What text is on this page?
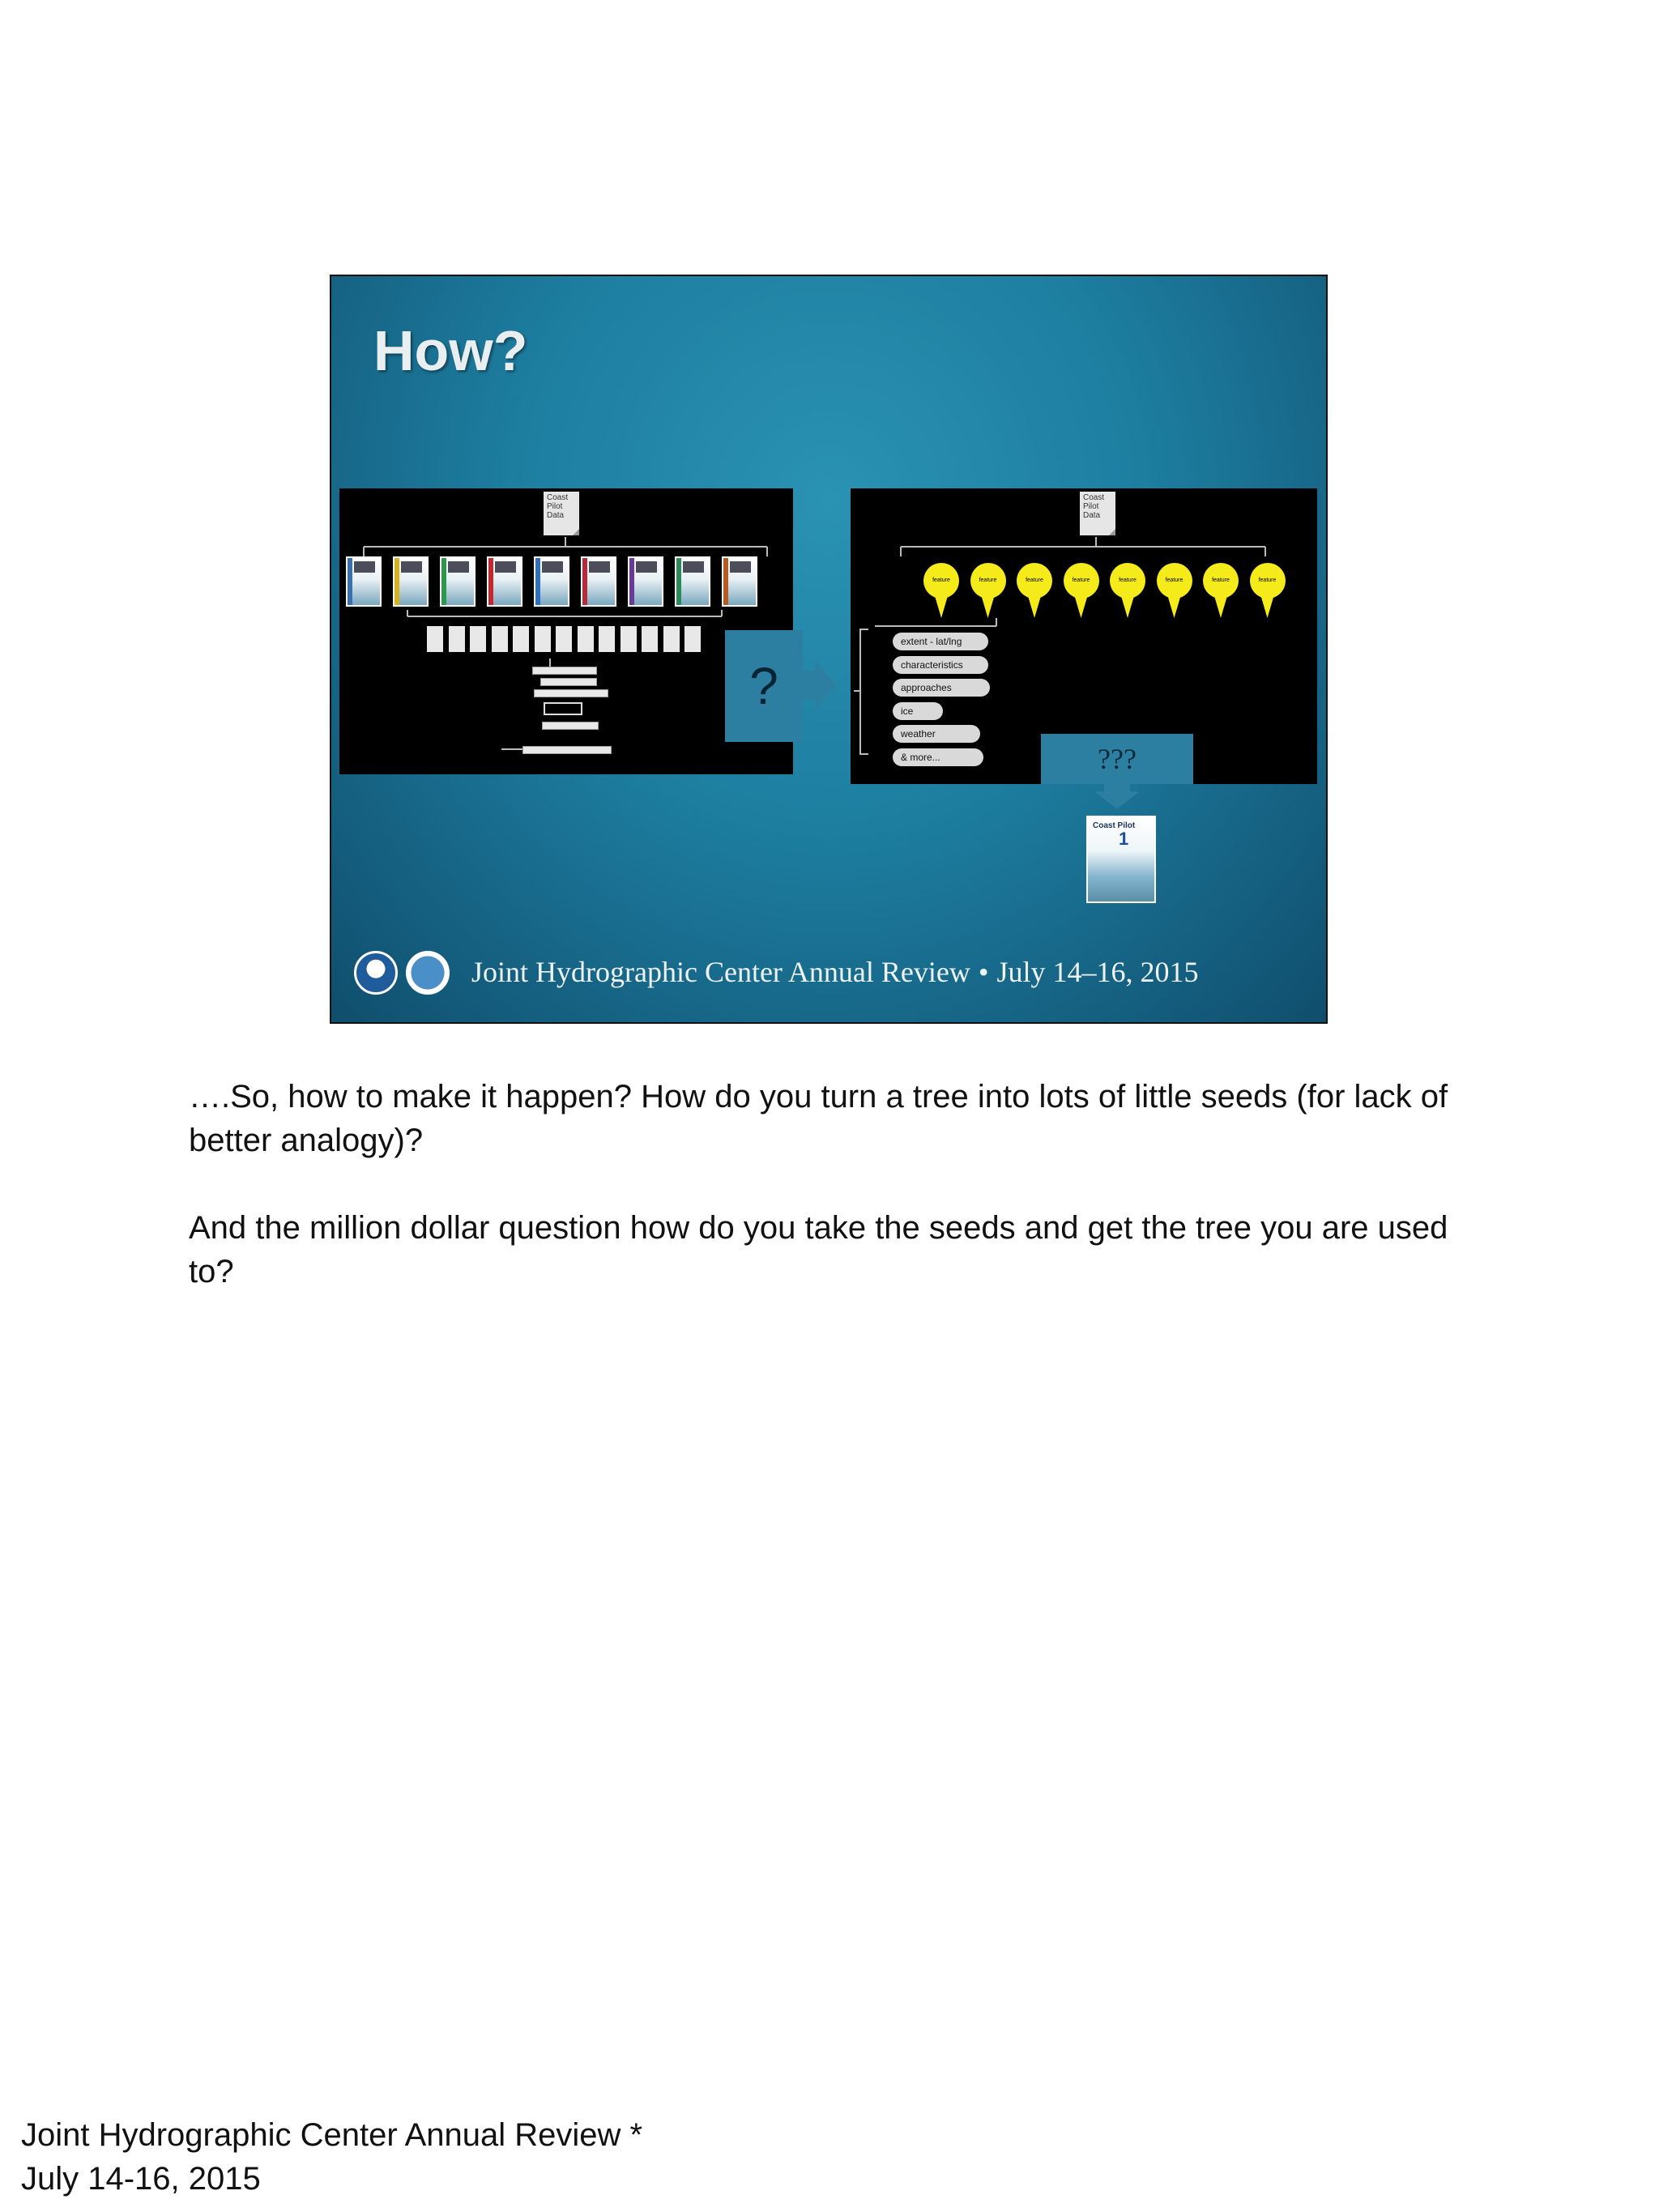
How?
Coast Pilot Data
?
Coast Pilot Data
feature	feature	feature	feature	feature	feature	feature	feature
extent - lat/lng
characteristics
approaches
ice
weather
& more...	???
Coast Pilot
1
Joint Hydrographic Center Annual Review • July 14–16, 2015

….So, how to make it happen? How do you turn a tree into lots of little seeds (for lack of better analogy)?

And the million dollar question how do you take the seeds and get the tree you are used to?

Joint Hydrographic Center Annual Review *
July 14-16, 2015
